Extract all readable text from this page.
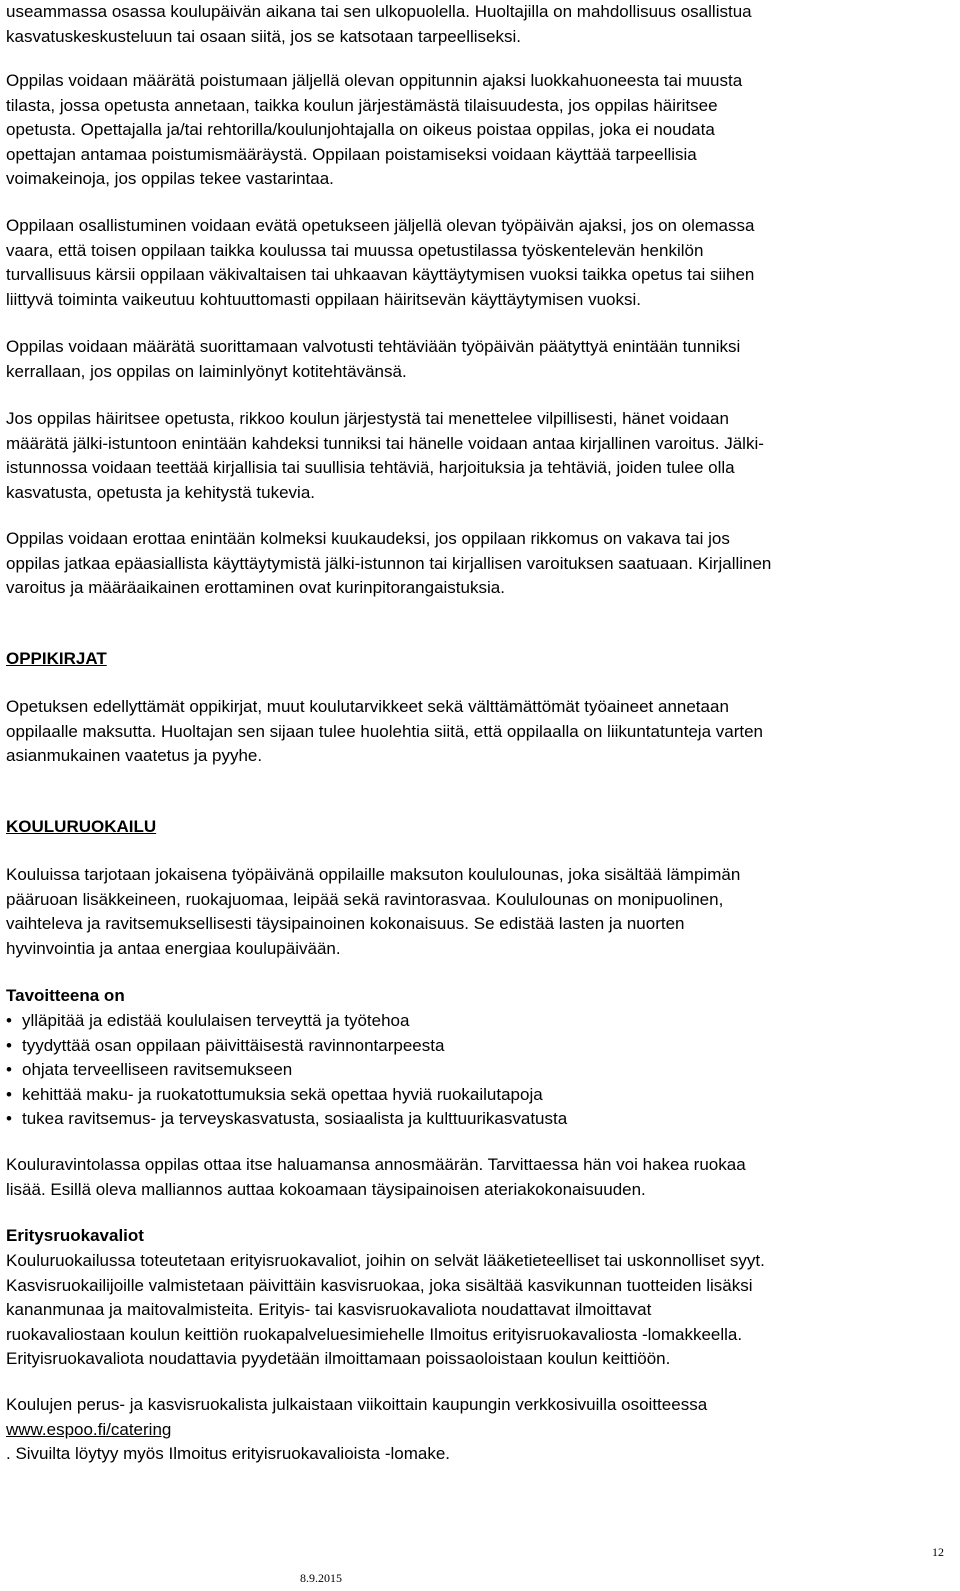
useammassa osassa koulupäivän aikana tai sen ulkopuolella. Huoltajilla on mahdollisuus osallistua
kasvatuskeskusteluun tai osaan siitä, jos se katsotaan tarpeelliseksi.
Oppilas voidaan määrätä poistumaan jäljellä olevan oppitunnin ajaksi luokkahuoneesta tai muusta
tilasta, jossa opetusta annetaan, taikka koulun järjestämästä tilaisuudesta, jos oppilas häiritsee
opetusta. Opettajalla ja/tai rehtorilla/koulunjohtajalla on oikeus poistaa oppilas, joka ei noudata
opettajan antamaa poistumismääräystä. Oppilaan poistamiseksi voidaan käyttää tarpeellisia
voimakeinoja, jos oppilas tekee vastarintaa.
Oppilaan osallistuminen voidaan evätä opetukseen jäljellä olevan työpäivän ajaksi, jos on olemassa
vaara, että toisen oppilaan taikka koulussa tai muussa opetustilassa työskentelevän henkilön
turvallisuus kärsii oppilaan väkivaltaisen tai uhkaavan käyttäytymisen vuoksi taikka opetus tai siihen
liittyvä toiminta vaikeutuu kohtuuttomasti oppilaan häiritsevän käyttäytymisen vuoksi.
Oppilas voidaan määrätä suorittamaan valvotusti tehtäviään työpäivän päätyttyä enintään tunniksi
kerrallaan, jos oppilas on laiminlyönyt kotitehtävänsä.
Jos oppilas häiritsee opetusta, rikkoo koulun järjestystä tai menettelee vilpillisesti, hänet voidaan
määrätä jälki-istuntoon enintään kahdeksi tunniksi tai hänelle voidaan antaa kirjallinen varoitus. Jälki-
istunnossa voidaan teettää kirjallisia tai suullisia tehtäviä, harjoituksia ja tehtäviä, joiden tulee olla
kasvatusta, opetusta ja kehitystä tukevia.
Oppilas voidaan erottaa enintään kolmeksi kuukaudeksi, jos oppilaan rikkomus on vakava tai jos
oppilas jatkaa epäasiallista käyttäytymistä jälki-istunnon tai kirjallisen varoituksen saatuaan. Kirjallinen
varoitus ja määräaikainen erottaminen ovat kurinpitorangaistuksia.
OPPIKIRJAT
Opetuksen edellyttämät oppikirjat, muut koulutarvikkeet sekä välttämättömät työaineet annetaan
oppilaalle maksutta. Huoltajan sen sijaan tulee huolehtia siitä, että oppilaalla on liikuntatunteja varten
asianmukainen vaatetus ja pyyhe.
KOULURUOKAILU
Kouluissa tarjotaan jokaisena työpäivänä oppilaille maksuton koululounas, joka sisältää lämpimän
pääruoan lisäkkeineen, ruokajuomaa, leipää sekä ravintorasvaa. Koululounas on monipuolinen,
vaihteleva ja ravitsemuksellisesti täysipainoinen kokonaisuus. Se edistää lasten ja nuorten
hyvinvointia ja antaa energiaa koulupäivään.
Tavoitteena on
• ylläpitää ja edistää koululaisen terveyttä ja työtehoa
• tyydyttää osan oppilaan päivittäisestä ravinnontarpeesta
• ohjata terveelliseen ravitsemukseen
• kehittää maku- ja ruokatottumuksia sekä opettaa hyviä ruokailutapoja
• tukea ravitsemus- ja terveyskasvatusta, sosiaalista ja kulttuurikasvatusta
Kouluravintolassa oppilas ottaa itse haluamansa annosmäärän. Tarvittaessa hän voi hakea ruokaa
lisää. Esillä oleva malliannos auttaa kokoamaan täysipainoisen ateriakokonaisuuden.
Eritysruokavaliot
Kouluruokailussa toteutetaan erityisruokavaliot, joihin on selvät lääketieteelliset tai uskonnolliset syyt.
Kasvisruokailijoille valmistetaan päivittäin kasvisruokaa, joka sisältää kasvikunnan tuotteiden lisäksi
kananmunaa ja maitovalmisteita. Erityis- tai kasvisruokavaliota noudattavat ilmoittavat
ruokavaliostaan koulun keittiön ruokapalveluesimiehelle Ilmoitus erityisruokavaliosta -lomakkeella.
Erityisruokavaliota noudattavia pyydetään ilmoittamaan poissaoloistaan koulun keittiöön.
Koulujen perus- ja kasvisruokalista julkaistaan viikoittain kaupungin verkkosivuilla osoitteessa
www.espoo.fi/catering
. Sivuilta löytyy myös Ilmoitus erityisruokavalioista -lomake.
12
8.9.2015
